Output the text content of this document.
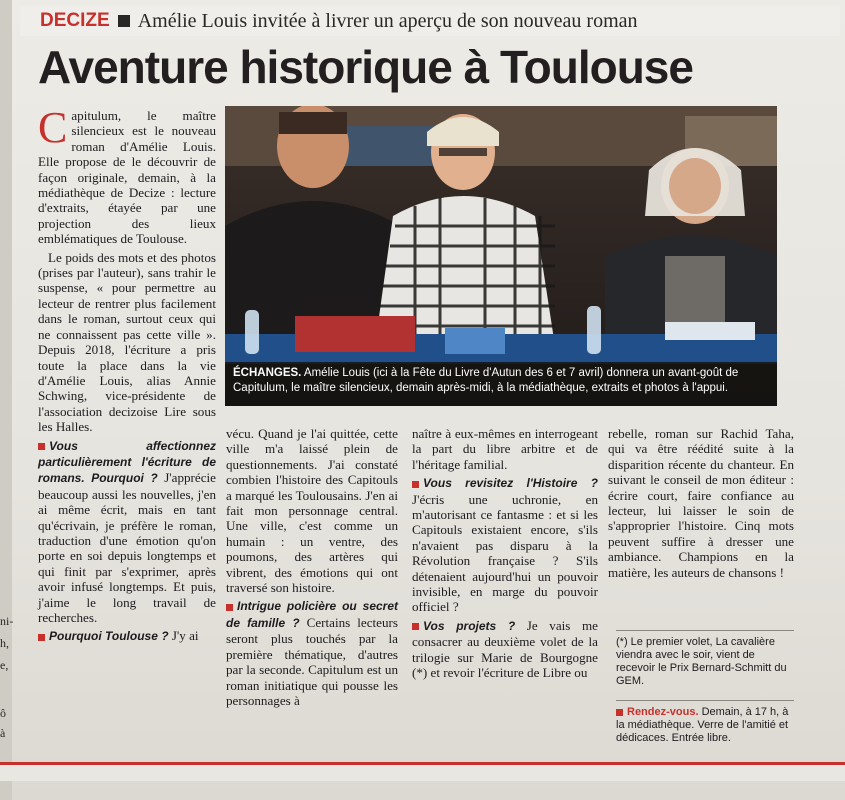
ni-
h,
e,
ô
à
DECIZE Amélie Louis invitée à livrer un aperçu de son nouveau roman
Aventure historique à Toulouse

Capitulum, le maître silencieux est le nouveau roman d'Amélie Louis. Elle propose de le découvrir de façon originale, demain, à la médiathèque de Decize : lecture d'extraits, étayée par une projection des lieux emblématiques de Toulouse.

Le poids des mots et des photos (prises par l'auteur), sans trahir le suspense, « pour permettre au lecteur de rentrer plus facilement dans le roman, surtout ceux qui ne connaissent pas cette ville ». Depuis 2018, l'écriture a pris toute la place dans la vie d'Amélie Louis, alias Annie Schwing, vice-présidente de l'association decizoise Lire sous les Halles.

Vous affectionnez particulièrement l'écriture de romans. Pourquoi ? J'apprécie beaucoup aussi les nouvelles, j'en ai même écrit, mais en tant qu'écrivain, je préfère le roman, traduction d'une émotion qu'on porte en soi depuis longtemps et qui finit par s'exprimer, après avoir infusé longtemps. Et puis, j'aime le long travail de recherches.

Pourquoi Toulouse ? J'y ai

ÉCHANGES. Amélie Louis (ici à la Fête du Livre d'Autun des 6 et 7 avril) donnera un avant-goût de Capitulum, le maître silencieux, demain après-midi, à la médiathèque, extraits et photos à l'appui.

vécu. Quand je l'ai quittée, cette ville m'a laissé plein de questionnements. J'ai constaté combien l'histoire des Capitouls a marqué les Toulousains. J'en ai fait mon personnage central. Une ville, c'est comme un humain : un ventre, des poumons, des artères qui vibrent, des émotions qui ont traversé son histoire.

Intrigue policière ou secret de famille ? Certains lecteurs seront plus touchés par la première thématique, d'autres par la seconde. Capitulum est un roman initiatique qui pousse les personnages à

naître à eux-mêmes en interrogeant la part du libre arbitre et de l'héritage familial.

Vous revisitez l'Histoire ? J'écris une uchronie, en m'autorisant ce fantasme : et si les Capitouls existaient encore, s'ils n'avaient pas disparu à la Révolution française ? S'ils détenaient aujourd'hui un pouvoir invisible, en marge du pouvoir officiel ?

Vos projets ? Je vais me consacrer au deuxième volet de la trilogie sur Marie de Bourgogne (*) et revoir l'écriture de Libre ou

rebelle, roman sur Rachid Taha, qui va être réédité suite à la disparition récente du chanteur. En suivant le conseil de mon éditeur : écrire court, faire confiance au lecteur, lui laisser le soin de s'approprier l'histoire. Cinq mots peuvent suffire à dresser une ambiance. Champions en la matière, les auteurs de chansons !

(*) Le premier volet, La cavalière viendra avec le soir, vient de recevoir le Prix Bernard-Schmitt du GEM.
Rendez-vous. Demain, à 17 h, à la médiathèque. Verre de l'amitié et dédicaces. Entrée libre.
